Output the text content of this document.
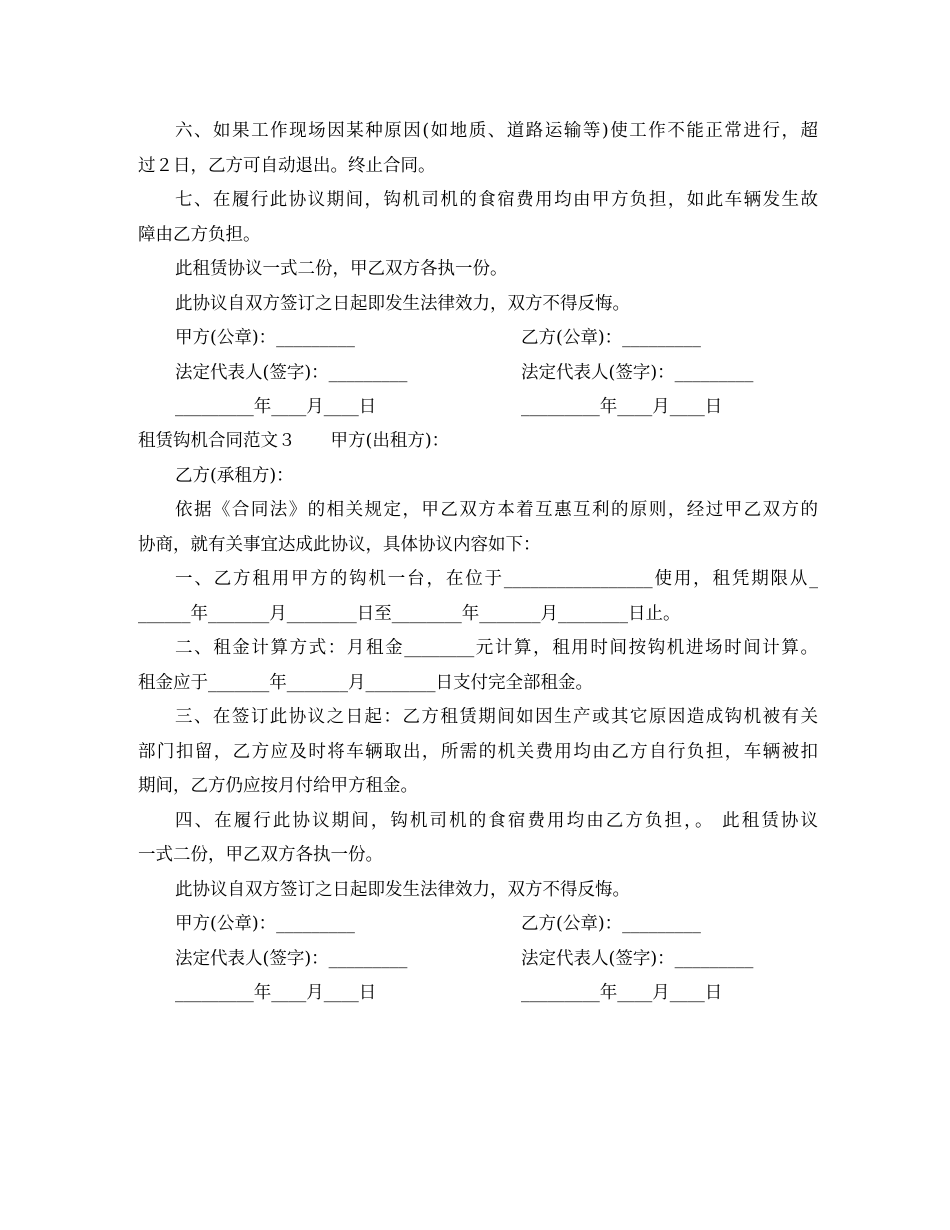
六、如果工作现场因某种原因(如地质、道路运输等)使工作不能正常进行，超
过２日，乙方可自动退出。终止合同。
七、在履行此协议期间，钩机司机的食宿费用均由甲方负担，如此车辆发生故
障由乙方负担。
此租赁协议一式二份，甲乙双方各执一份。
此协议自双方签订之日起即发生法律效力，双方不得反悔。
甲方(公章)：_________	乙方(公章)：_________
法定代表人(签字)：_________	法定代表人(签字)：_________
_________年____月____日	_________年____月____日
租赁钩机合同范文３　　甲方(出租方)：
乙方(承租方)：
依据《合同法》的相关规定，甲乙双方本着互惠互利的原则，经过甲乙双方的
协商，就有关事宜达成此协议，具体协议内容如下：
一、乙方租用甲方的钩机一台，在位于_________________使用，租凭期限从_
______年_______月________日至________年_______月________日止。
二、租金计算方式：月租金________元计算，租用时间按钩机进场时间计算。
租金应于_______年_______月________日支付完全部租金。
三、在签订此协议之日起：乙方租赁期间如因生产或其它原因造成钩机被有关
部门扣留，乙方应及时将车辆取出，所需的机关费用均由乙方自行负担，车辆被扣
期间，乙方仍应按月付给甲方租金。
四、在履行此协议期间，钩机司机的食宿费用均由乙方负担，。 此租赁协议
一式二份，甲乙双方各执一份。
此协议自双方签订之日起即发生法律效力，双方不得反悔。
甲方(公章)：_________	乙方(公章)：_________
法定代表人(签字)：_________	法定代表人(签字)：_________
_________年____月____日	_________年____月____日
